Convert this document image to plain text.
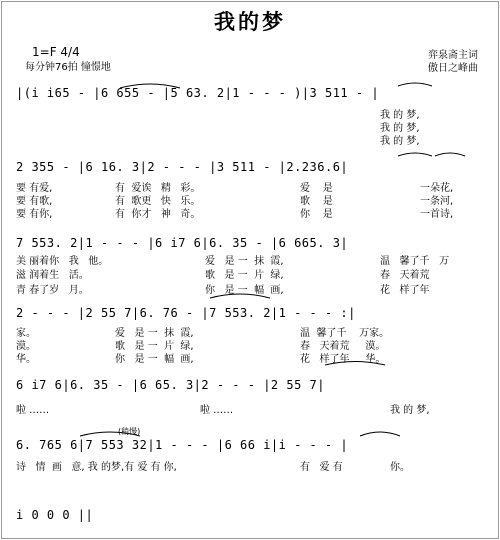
我的梦
1=F 4/4
每分钟76拍 憧憬地
弈泉斋主词
傲日之峰曲
|(i i65 - |6 655 - |5 63. 2|1 - - - )|3 511 - |
我 的 梦,
我 的 梦,
我 的 梦,
2 355 - |6 16. 3|2 - - - |3 511 - |2.236.6|
要 有爱,	有  爱诶   精   彩。	爱    是	一朵花,
要 有歌,	有  歌更   快   乐。	歌    是	一条河,
要 有你,	有  你才   神   奇。	你    是	一首诗,
7 553. 2|1 - - - |6 i7 6|6. 35 - |6 665. 3|
美 丽着你   我   他。	爱   是 一  抹  霞,	温   馨了千   万
滋 润着生   活。	歌   是 一  片  绿,	春   天着荒
青 春了岁   月。	你   是 一  幅  画,	花   样了年
2 - - - |2 55 7|6. 76 - |7 553. 2|1 - - - :|
家。	爱   是 一  抹  霞,	温  馨了千    万家。
漠。	歌   是 一  片  绿,	春   天着荒     漠。
华。	你   是 一  幅  画,	花   样了年     华。
6 i7 6|6. 35 - |6 65. 3|2 - - - |2 55 7|
啦 ……	啦 ……	我 的 梦,
(稍慢)
6. 765 6|7 553 32|1 - - - |6 66 i|i - - - |
诗   情  画   意, 我 的梦,有 爱 有 你,	有   爱 有	你。
i 0 0 0 ||
